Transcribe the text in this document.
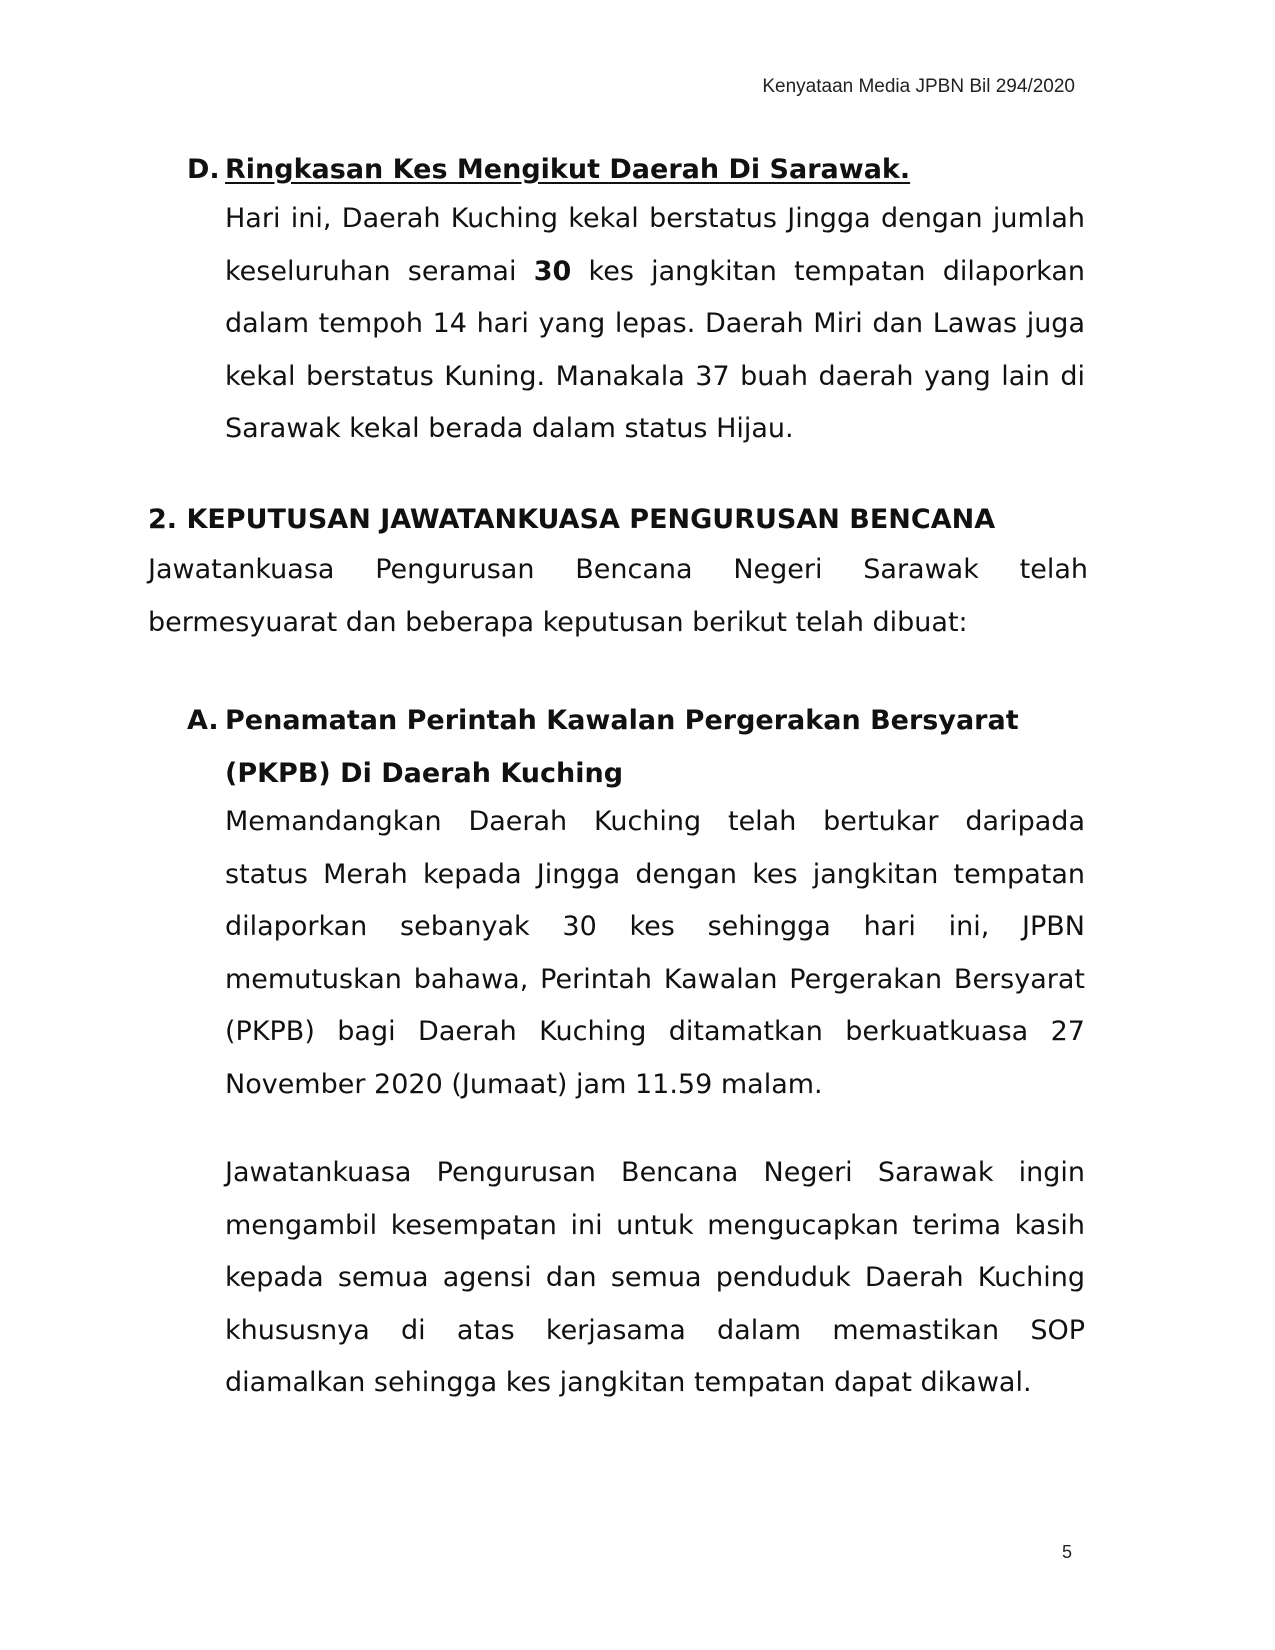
Kenyataan Media JPBN Bil 294/2020
D. Ringkasan Kes Mengikut Daerah Di Sarawak.
Hari ini, Daerah Kuching kekal berstatus Jingga dengan jumlah keseluruhan seramai 30 kes jangkitan tempatan dilaporkan dalam tempoh 14 hari yang lepas. Daerah Miri dan Lawas juga kekal berstatus Kuning. Manakala 37 buah daerah yang lain di Sarawak kekal berada dalam status Hijau.
2. KEPUTUSAN JAWATANKUASA PENGURUSAN BENCANA
Jawatankuasa Pengurusan Bencana Negeri Sarawak telah bermesyuarat dan beberapa keputusan berikut telah dibuat:
A. Penamatan Perintah Kawalan Pergerakan Bersyarat (PKPB) Di Daerah Kuching
Memandangkan Daerah Kuching telah bertukar daripada status Merah kepada Jingga dengan kes jangkitan tempatan dilaporkan sebanyak 30 kes sehingga hari ini, JPBN memutuskan bahawa, Perintah Kawalan Pergerakan Bersyarat (PKPB) bagi Daerah Kuching ditamatkan berkuatkuasa 27 November 2020 (Jumaat) jam 11.59 malam.
Jawatankuasa Pengurusan Bencana Negeri Sarawak ingin mengambil kesempatan ini untuk mengucapkan terima kasih kepada semua agensi dan semua penduduk Daerah Kuching khususnya di atas kerjasama dalam memastikan SOP diamalkan sehingga kes jangkitan tempatan dapat dikawal.
5
